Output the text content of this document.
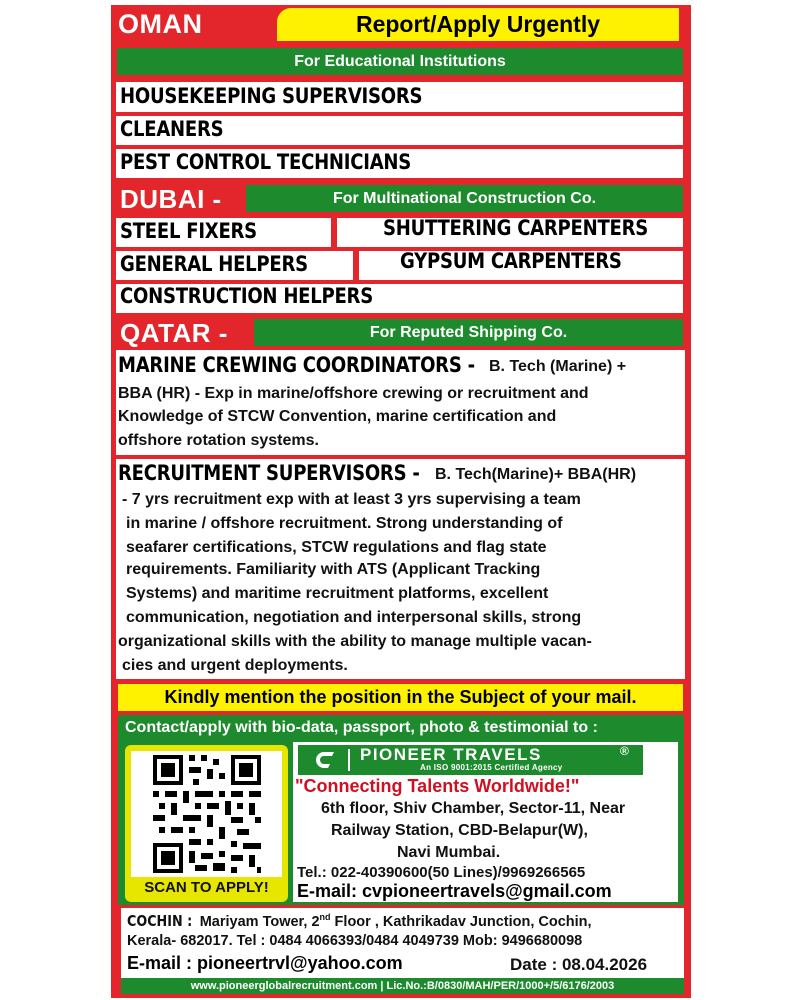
OMAN	Report/Apply Urgently
For Educational Institutions
HOUSEKEEPING SUPERVISORS
CLEANERS
PEST CONTROL TECHNICIANS
DUBAI -	For Multinational Construction Co.
STEEL FIXERS	SHUTTERING CARPENTERS
GENERAL HELPERS	GYPSUM CARPENTERS
CONSTRUCTION HELPERS
QATAR -	For Reputed Shipping Co.
MARINE CREWING COORDINATORS - B. Tech (Marine) +
BBA (HR) - Exp in marine/offshore crewing or recruitment and
Knowledge of STCW Convention, marine certification and
offshore rotation systems.
RECRUITMENT SUPERVISORS - B. Tech(Marine)+ BBA(HR)
- 7 yrs recruitment exp with at least 3 yrs supervising a team
in marine / offshore recruitment. Strong understanding of
seafarer certifications, STCW regulations and flag state
requirements. Familiarity with ATS (Applicant Tracking
Systems) and maritime recruitment platforms, excellent
communication, negotiation and interpersonal skills, strong
organizational skills with the ability to manage multiple vacan-
cies and urgent deployments.
Kindly mention the position in the Subject of your mail.
Contact/apply with bio-data, passport, photo & testimonial to :
SCAN TO APPLY!
PIONEER TRAVELS	®
An ISO 9001:2015 Certified Agency
"Connecting Talents Worldwide!"
6th floor, Shiv Chamber, Sector-11, Near
Railway Station, CBD-Belapur(W),
Navi Mumbai.
Tel.: 022-40390600(50 Lines)/9969266565
E-mail: cvpioneertravels@gmail.com
COCHIN : Mariyam Tower, 2nd Floor , Kathrikadav Junction, Cochin,
Kerala- 682017. Tel : 0484 4066393/0484 4049739 Mob: 9496680098
E-mail : pioneertrvl@yahoo.com	Date : 08.04.2026
www.pioneerglobalrecruitment.com | Lic.No.:B/0830/MAH/PER/1000+/5/6176/2003
